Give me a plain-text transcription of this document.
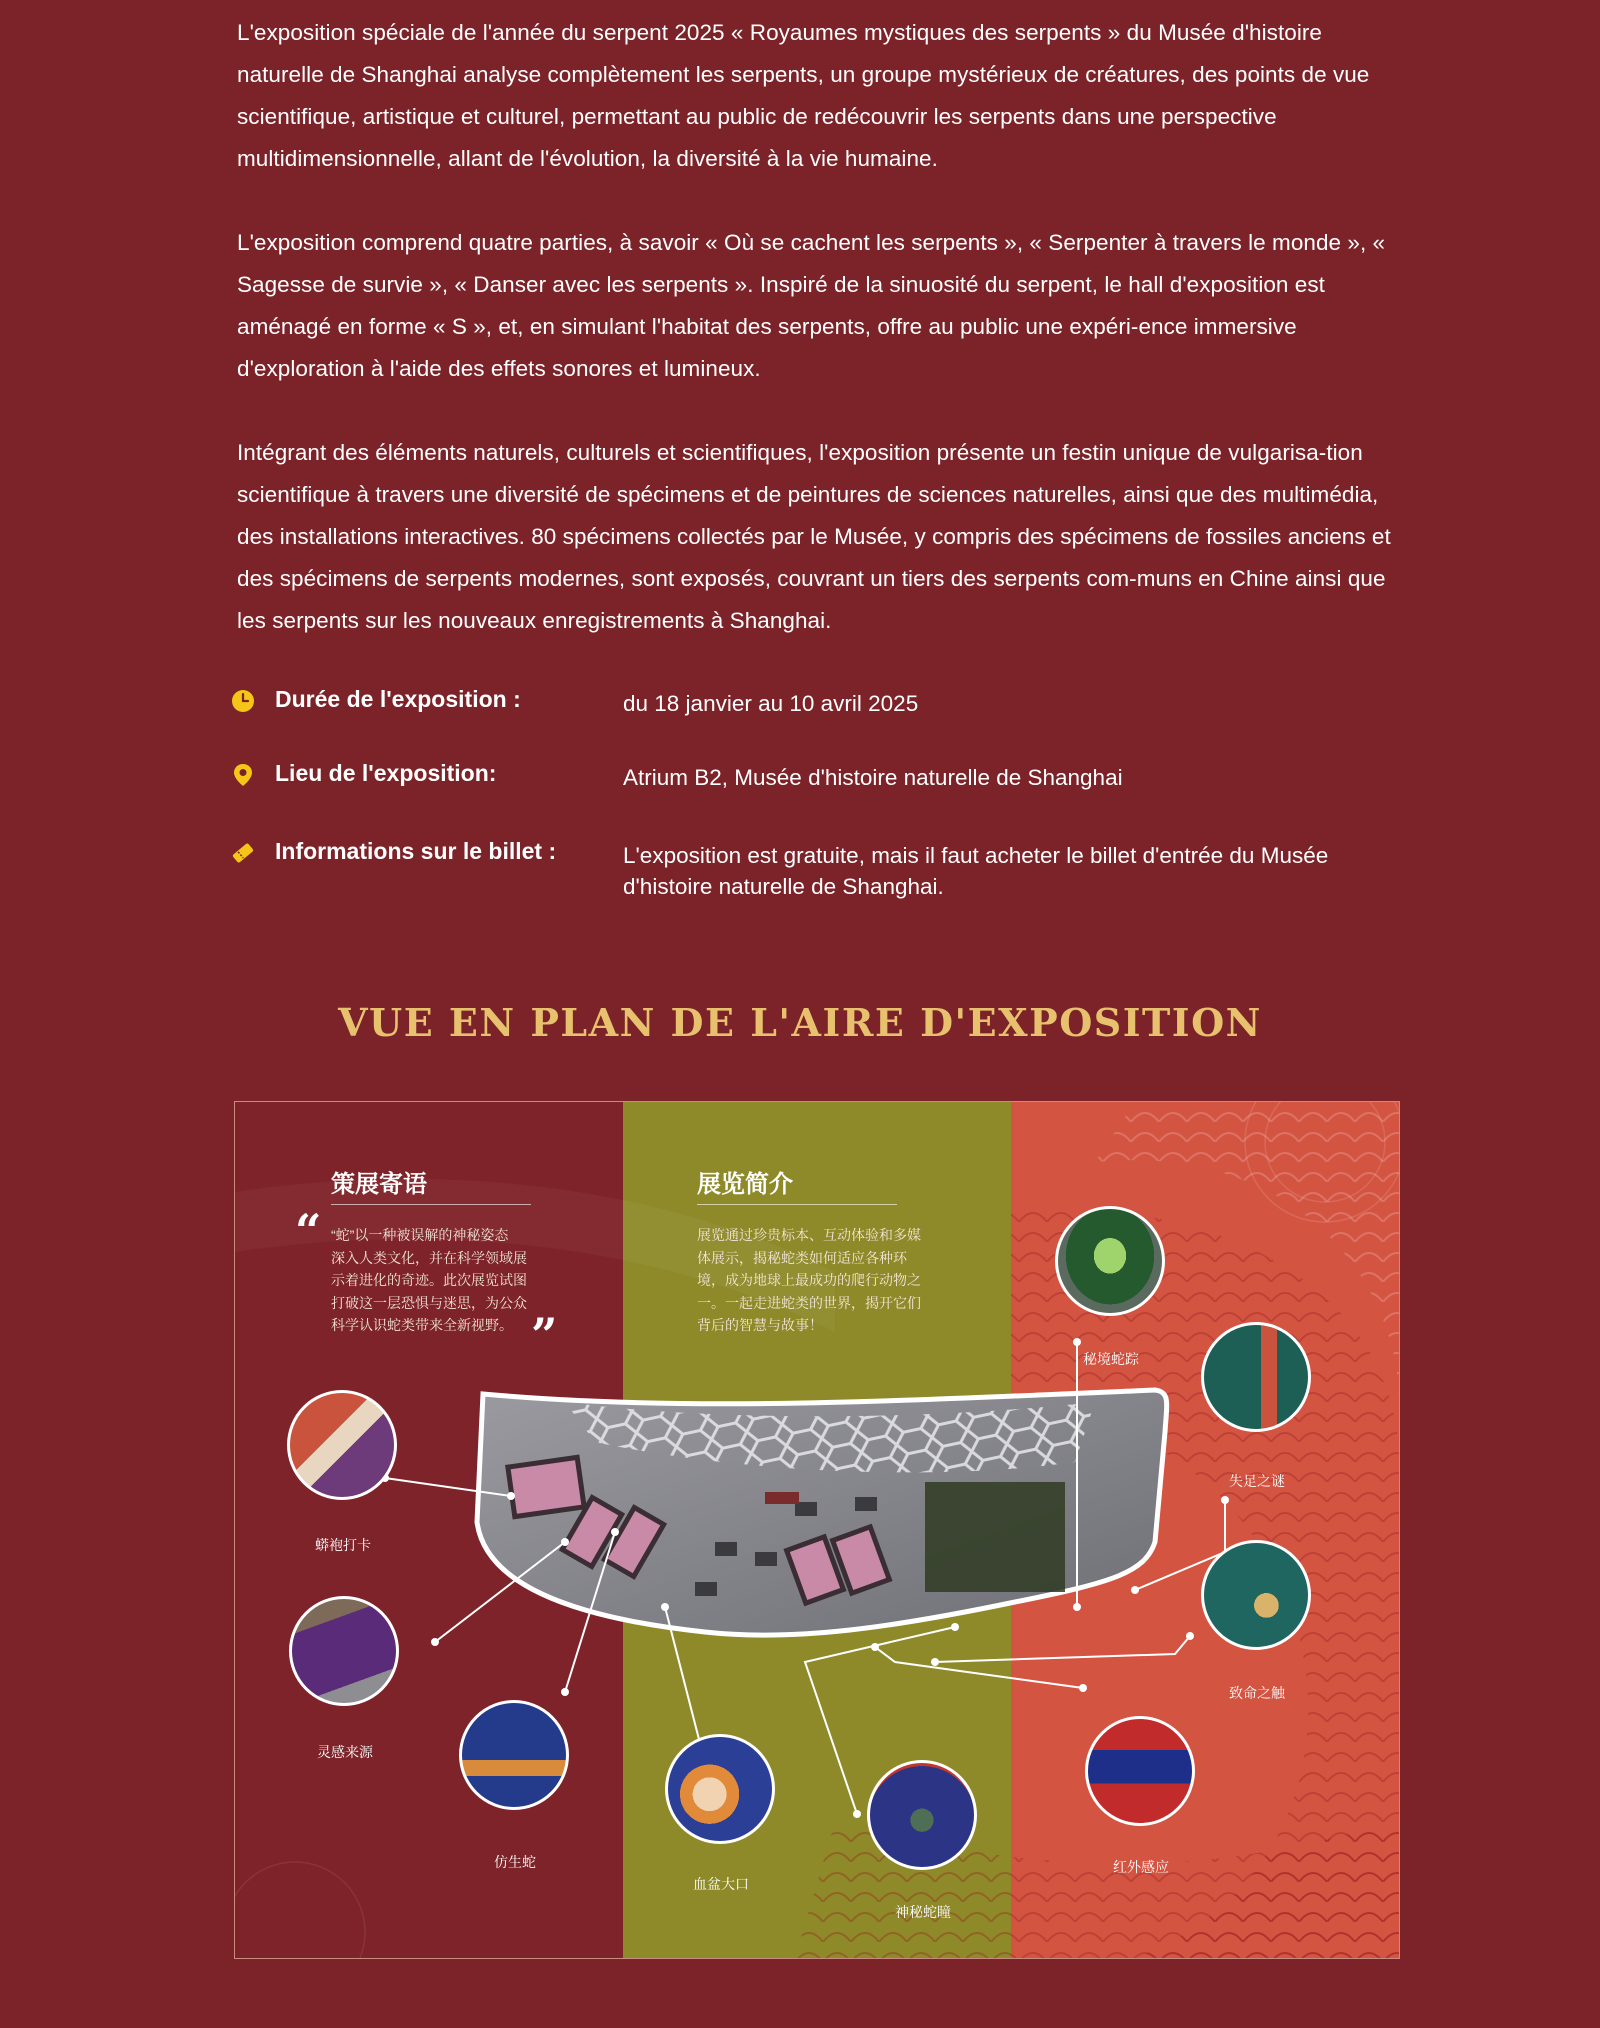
L'exposition spéciale de l'année du serpent 2025 « Royaumes mystiques des serpents » du Musée d'histoire naturelle de Shanghai analyse complètement les serpents, un groupe mystérieux de créatures, des points de vue scientifique, artistique et culturel, permettant au public de redécouvrir les serpents dans une perspective multidimensionnelle, allant de l'évolution, la diversité à la vie humaine.

L'exposition comprend quatre parties, à savoir « Où se cachent les serpents », « Serpenter à travers le monde », « Sagesse de survie », « Danser avec les serpents ». Inspiré de la sinuosité du serpent, le hall d'exposition est aménagé en forme « S », et, en simulant l'habitat des serpents, offre au public une expéri-ence immersive d'exploration à l'aide des effets sonores et lumineux.

Intégrant des éléments naturels, culturels et scientifiques, l'exposition présente un festin unique de vulgarisa-tion scientifique à travers une diversité de spécimens et de peintures de sciences naturelles, ainsi que des multimédia, des installations interactives. 80 spécimens collectés par le Musée, y compris des spécimens de fossiles anciens et des spécimens de serpents modernes, sont exposés, couvrant un tiers des serpents com-muns en Chine ainsi que les serpents sur les nouveaux enregistrements à Shanghai.

Durée de l'exposition :	du 18 janvier au 10 avril 2025
Lieu de l'exposition:	Atrium B2, Musée d'histoire naturelle de Shanghai
Informations sur le billet :	L'exposition est gratuite, mais il faut acheter le billet d'entrée du Musée d'histoire naturelle de Shanghai.
VUE EN PLAN DE L'AIRE D'EXPOSITION
策展寄语
“ “蛇”以一种被误解的神秘姿态
深入人类文化，并在科学领域展
示着进化的奇迹。此次展览试图
打破这一层恐惧与迷思，为公众
科学认识蛇类带来全新视野。 ”
展览简介
展览通过珍贵标本、互动体验和多媒
体展示，揭秘蛇类如何适应各种环
境，成为地球上最成功的爬行动物之
一。一起走进蛇类的世界，揭开它们
背后的智慧与故事！
蟒袍打卡
灵感来源
仿生蛇
血盆大口
神秘蛇瞳
秘境蛇踪
失足之谜
致命之触
红外感应
